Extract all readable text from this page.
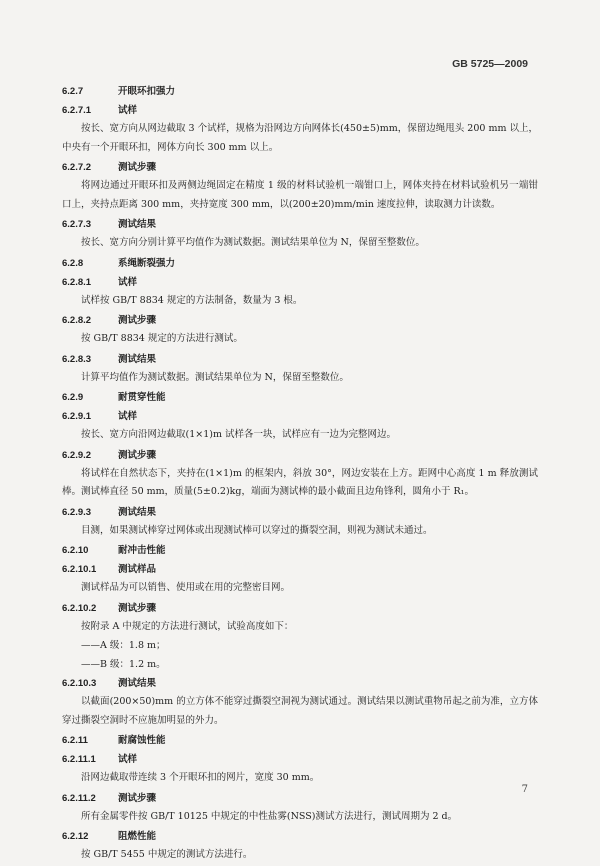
GB 5725—2009
6.2.7	开眼环扣强力
6.2.7.1	试样

按长、宽方向从网边截取 3 个试样，规格为沿网边方向网体长(450±5)mm，保留边绳甩头 200 mm 以上，中央有一个开眼环扣，网体方向长 300 mm 以上。

6.2.7.2	测试步骤

将网边通过开眼环扣及两侧边绳固定在精度 1 级的材料试验机一端钳口上，网体夹持在材料试验机另一端钳口上，夹持点距离 300 mm，夹持宽度 300 mm，以(200±20)mm/min 速度拉伸，读取测力计读数。

6.2.7.3	测试结果

按长、宽方向分别计算平均值作为测试数据。测试结果单位为 N，保留至整数位。

6.2.8	系绳断裂强力
6.2.8.1	试样

试样按 GB/T 8834 规定的方法制备，数量为 3 根。

6.2.8.2	测试步骤

按 GB/T 8834 规定的方法进行测试。

6.2.8.3	测试结果

计算平均值作为测试数据。测试结果单位为 N，保留至整数位。

6.2.9	耐贯穿性能
6.2.9.1	试样

按长、宽方向沿网边截取(1×1)m 试样各一块，试样应有一边为完整网边。

6.2.9.2	测试步骤

将试样在自然状态下，夹持在(1×1)m 的框架内，斜放 30°，网边安装在上方。距网中心高度 1 m 释放测试棒。测试棒直径 50 mm，质量(5±0.2)kg，端面为测试棒的最小截面且边角锋利，圆角小于 R₁。

6.2.9.3	测试结果

目测，如果测试棒穿过网体或出现测试棒可以穿过的撕裂空洞，则视为测试未通过。

6.2.10	耐冲击性能
6.2.10.1 测试样品

测试样品为可以销售、使用或在用的完整密目网。

6.2.10.2 测试步骤

按附录 A 中规定的方法进行测试，试验高度如下：

——A 级：1.8 m；
——B 级：1.2 m。
6.2.10.3 测试结果

以截面(200×50)mm 的立方体不能穿过撕裂空洞视为测试通过。测试结果以测试重物吊起之前为准，立方体穿过撕裂空洞时不应施加明显的外力。

6.2.11	耐腐蚀性能
6.2.11.1 试样

沿网边截取带连续 3 个开眼环扣的网片，宽度 30 mm。

6.2.11.2 测试步骤

所有金属零件按 GB/T 10125 中规定的中性盐雾(NSS)测试方法进行，测试周期为 2 d。

6.2.12	阻燃性能

按 GB/T 5455 中规定的测试方法进行。

7
